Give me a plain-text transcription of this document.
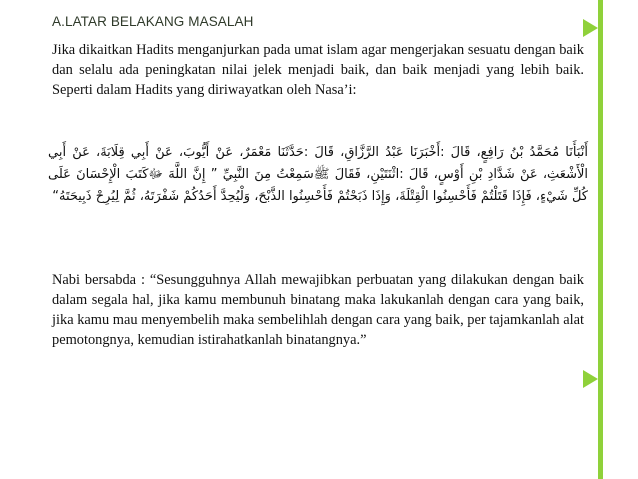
A.LATAR BELAKANG MASALAH

Jika dikaitkan Hadits menganjurkan pada umat islam agar mengerjakan sesuatu dengan baik dan selalu ada peningkatan nilai jelek menjadi baik, dan baik menjadi yang lebih baik. Seperti dalam Hadits yang diriwayatkan oleh Nasa’i:

أَنْبَأَنَا مُحَمَّدُ بْنُ رَافِعٍ، قَالَ :أَخْبَرَنَا عَبْدُ الرَّزَّاقِ، قَالَ :حَدَّثَنَا مَعْمَرٌ، عَنْ أَيُّوبَ، عَنْ أَبِي قِلَابَةَ، عَنْ أَبِي الْأَشْعَثِ، عَنْ شَدَّادِ بْنِ أَوْسٍ، قَالَ :اثْنَتَيْنِ، فَقَالَ ﷺسَمِعْتُ مِنَ النَّبِيِّ ” إِنَّ اللَّهَ ﷻكَتَبَ الْإِحْسَانَ عَلَى كُلِّ شَيْءٍ، فَإِذَا قَتَلْتُمْ فَأَحْسِنُوا الْقِتْلَةَ، وَإِذَا ذَبَحْتُمْ فَأَحْسِنُوا الذَّبْحَ، وَلْيُحِدَّ أَحَدُكُمْ شَفْرَتَهُ، ثُمَّ لِيُرِحْ ذَبِيحَتَهُ“

Nabi bersabda : “Sesungguhnya Allah mewajibkan perbuatan yang dilakukan dengan baik dalam segala hal, jika kamu membunuh binatang maka lakukanlah dengan cara yang baik, jika kamu mau menyembelih maka sembelihlah dengan cara yang baik, per tajamkanlah alat pemotongnya, kemudian istirahatkanlah binatangnya.”
